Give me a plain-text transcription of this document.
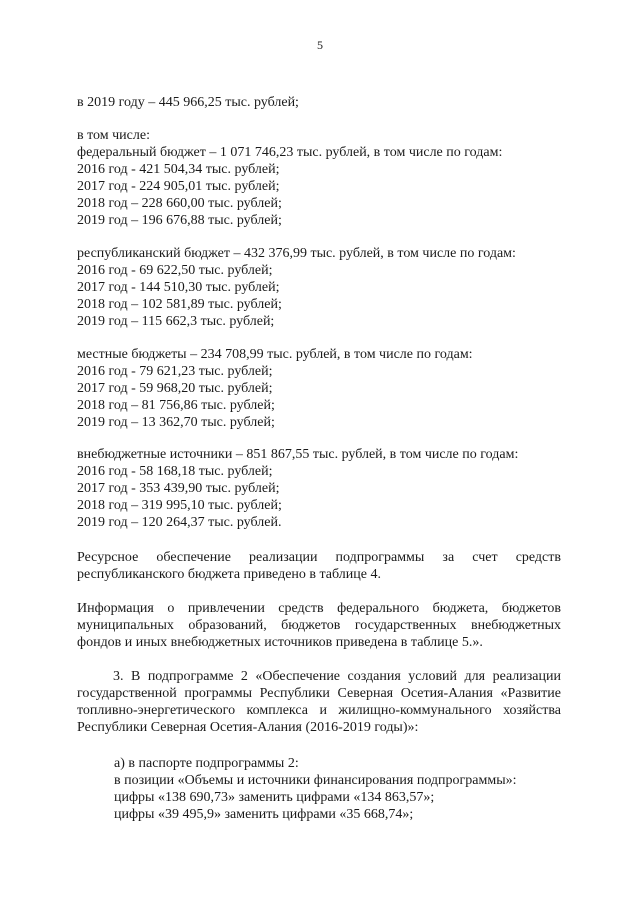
5
в 2019 году – 445 966,25 тыс. рублей;
в том числе:
федеральный бюджет – 1 071 746,23 тыс. рублей, в том числе по годам:
2016 год - 421 504,34 тыс. рублей;
2017 год - 224 905,01 тыс. рублей;
2018 год – 228 660,00 тыс. рублей;
2019 год – 196 676,88 тыс. рублей;
республиканский бюджет – 432 376,99 тыс. рублей, в том числе по годам:
2016 год - 69 622,50 тыс. рублей;
2017 год - 144 510,30 тыс. рублей;
2018 год – 102 581,89 тыс. рублей;
2019 год – 115 662,3 тыс. рублей;
местные бюджеты – 234 708,99 тыс. рублей, в том числе по годам:
2016 год - 79 621,23 тыс. рублей;
2017 год - 59 968,20 тыс. рублей;
2018 год – 81 756,86 тыс. рублей;
2019 год – 13 362,70 тыс. рублей;
внебюджетные источники – 851 867,55 тыс. рублей, в том числе по годам:
2016 год - 58 168,18 тыс. рублей;
2017 год - 353 439,90 тыс. рублей;
2018 год – 319 995,10 тыс. рублей;
2019 год – 120 264,37 тыс. рублей.
Ресурсное обеспечение реализации подпрограммы за счет средств
республиканского бюджета приведено в таблице 4.
Информация о привлечении средств федерального бюджета, бюджетов
муниципальных образований, бюджетов государственных внебюджетных
фондов и иных внебюджетных источников приведена в таблице 5.».
3. В подпрограмме 2 «Обеспечение создания условий для реализации
государственной программы Республики Северная Осетия-Алания «Развитие
топливно-энергетического комплекса и жилищно-коммунального хозяйства
Республики Северная Осетия-Алания (2016-2019 годы)»:
а) в паспорте подпрограммы 2:
в позиции «Объемы и источники финансирования подпрограммы»:
цифры «138 690,73» заменить цифрами «134 863,57»;
цифры «39 495,9» заменить цифрами «35 668,74»;
